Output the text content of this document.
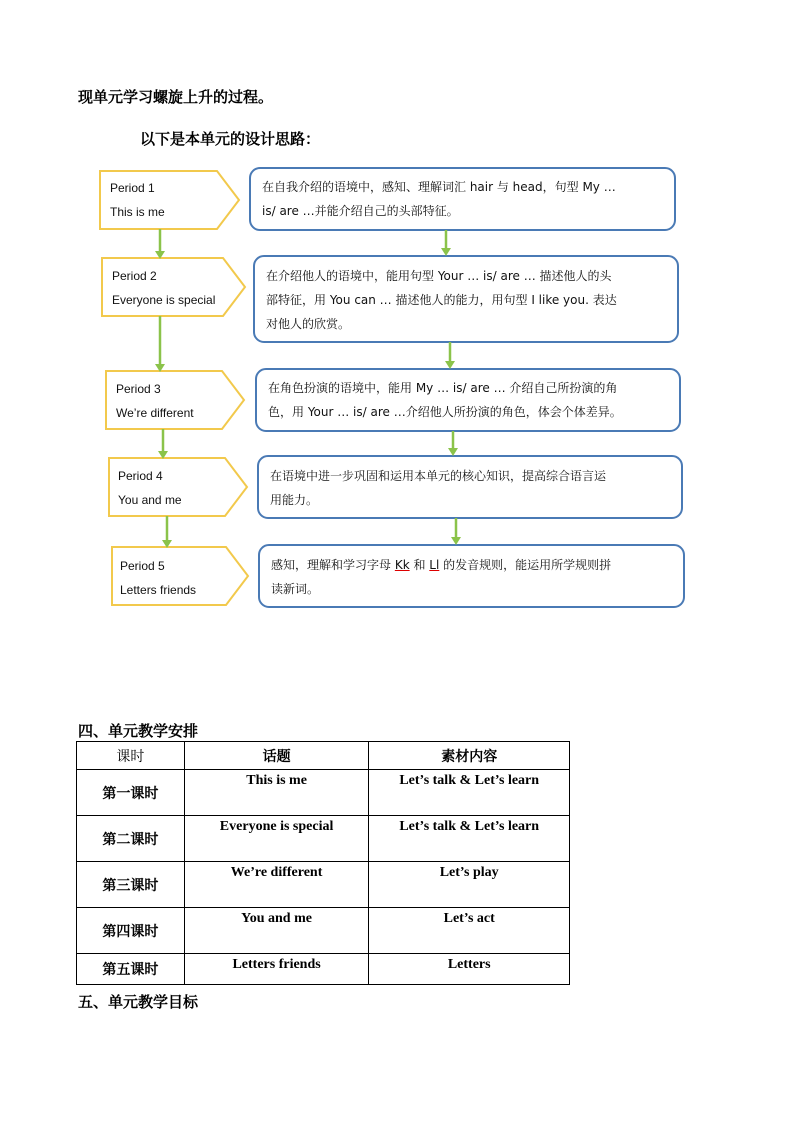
现单元学习螺旋上升的过程。
以下是本单元的设计思路：
Period 1
This is me
Period 2
Everyone is special
Period 3
We’re different
Period 4
You and me
Period 5
Letters friends
在自我介绍的语境中，感知、理解词汇 hair 与 head，句型 My …
is/ are …并能介绍自己的头部特征。
在介绍他人的语境中，能用句型 Your … is/ are … 描述他人的头
部特征，用 You can … 描述他人的能力，用句型 I like you. 表达
对他人的欣赏。
在角色扮演的语境中，能用 My … is/ are … 介绍自己所扮演的角
色，用 Your … is/ are …介绍他人所扮演的角色，体会个体差异。
在语境中进一步巩固和运用本单元的核心知识，提高综合语言运
用能力。
感知，理解和学习字母 Kk 和 Ll 的发音规则，能运用所学规则拼
读新词。
四、单元教学安排
课时	话题	素材内容
第一课时	This is me	Let’s talk & Let’s learn
第二课时	Everyone is special	Let’s talk & Let’s learn
第三课时	We’re different	Let’s play
第四课时	You and me	Let’s act
第五课时	Letters friends	Letters
五、单元教学目标
